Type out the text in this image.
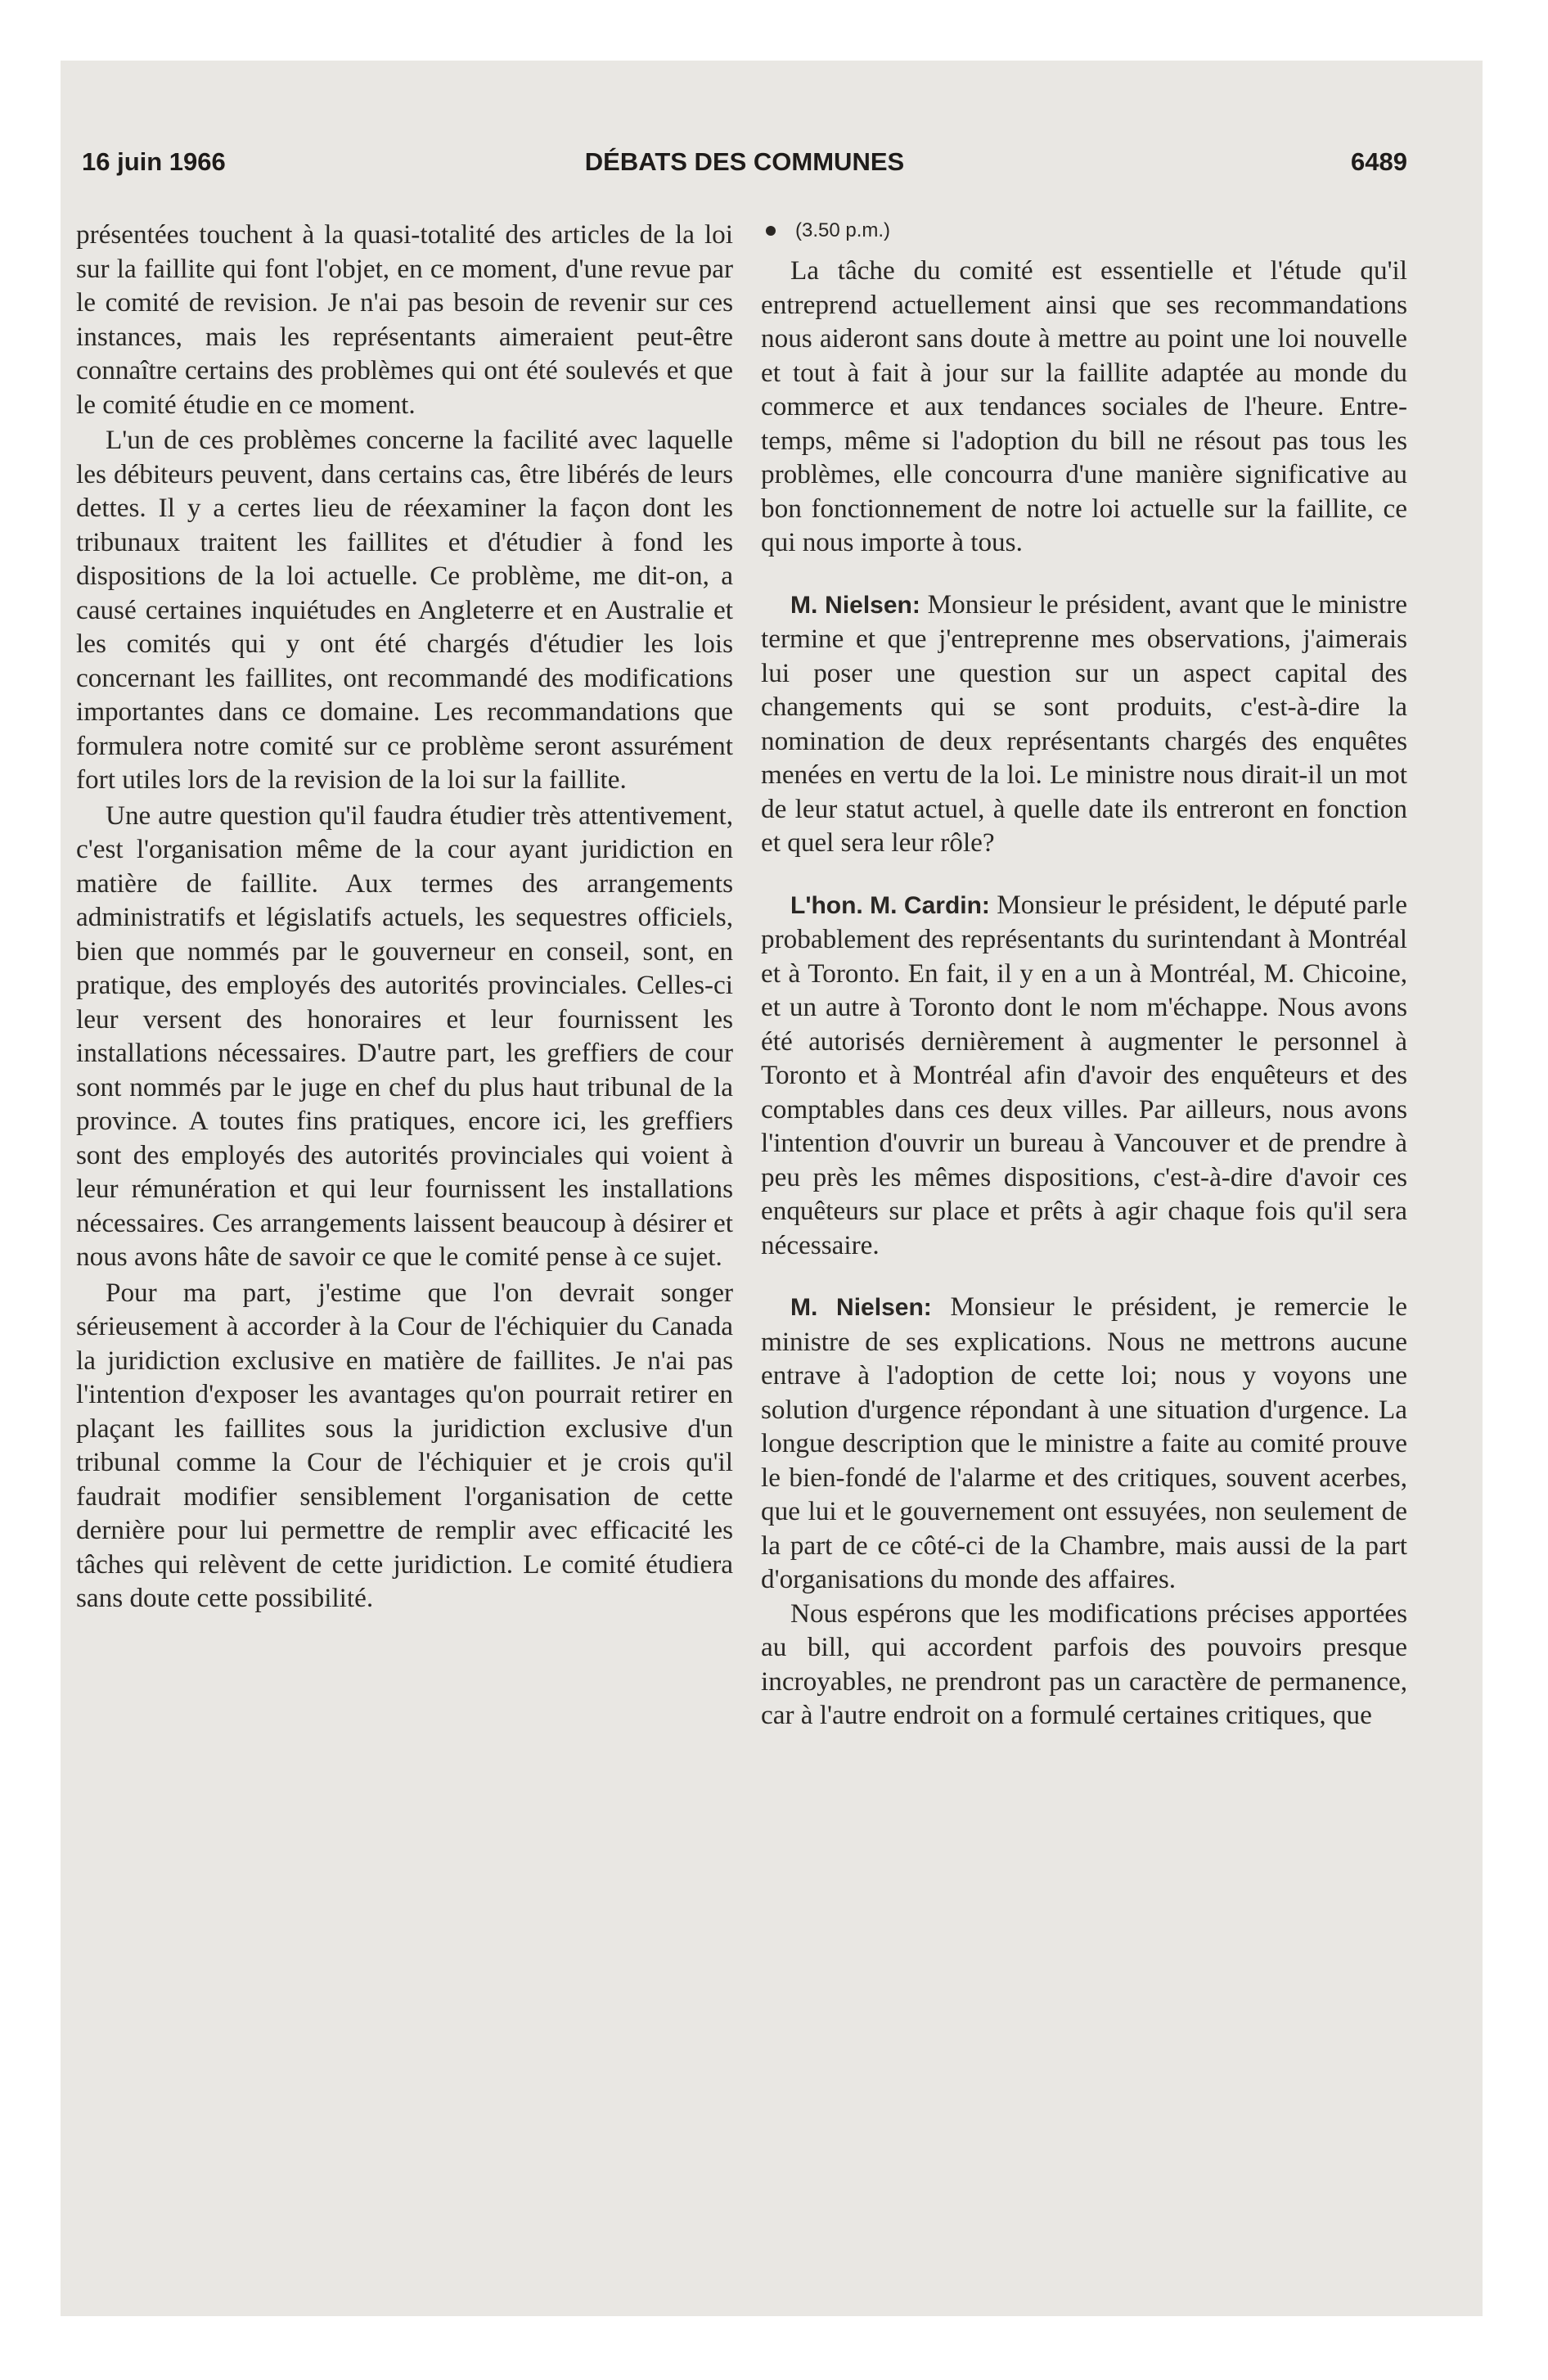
16 juin 1966	DÉBATS DES COMMUNES	6489

présentées touchent à la quasi-totalité des articles de la loi sur la faillite qui font l'objet, en ce moment, d'une revue par le comité de revision. Je n'ai pas besoin de revenir sur ces instances, mais les représentants aimeraient peut-être connaître certains des problèmes qui ont été soulevés et que le comité étudie en ce moment.

L'un de ces problèmes concerne la facilité avec laquelle les débiteurs peuvent, dans certains cas, être libérés de leurs dettes. Il y a certes lieu de réexaminer la façon dont les tribunaux traitent les faillites et d'étudier à fond les dispositions de la loi actuelle. Ce problème, me dit-on, a causé certaines inquiétudes en Angleterre et en Australie et les comités qui y ont été chargés d'étudier les lois concernant les faillites, ont recommandé des modifications importantes dans ce domaine. Les recommandations que formulera notre comité sur ce problème seront assurément fort utiles lors de la revision de la loi sur la faillite.

Une autre question qu'il faudra étudier très attentivement, c'est l'organisation même de la cour ayant juridiction en matière de faillite. Aux termes des arrangements administratifs et législatifs actuels, les sequestres officiels, bien que nommés par le gouverneur en conseil, sont, en pratique, des employés des autorités provinciales. Celles-ci leur versent des honoraires et leur fournissent les installations nécessaires. D'autre part, les greffiers de cour sont nommés par le juge en chef du plus haut tribunal de la province. A toutes fins pratiques, encore ici, les greffiers sont des employés des autorités provinciales qui voient à leur rémunération et qui leur fournissent les installations nécessaires. Ces arrangements laissent beaucoup à désirer et nous avons hâte de savoir ce que le comité pense à ce sujet.

Pour ma part, j'estime que l'on devrait songer sérieusement à accorder à la Cour de l'échiquier du Canada la juridiction exclusive en matière de faillites. Je n'ai pas l'intention d'exposer les avantages qu'on pourrait retirer en plaçant les faillites sous la juridiction exclusive d'un tribunal comme la Cour de l'échiquier et je crois qu'il faudrait modifier sensiblement l'organisation de cette dernière pour lui permettre de remplir avec efficacité les tâches qui relèvent de cette juridiction. Le comité étudiera sans doute cette possibilité.

(3.50 p.m.)

La tâche du comité est essentielle et l'étude qu'il entreprend actuellement ainsi que ses recommandations nous aideront sans doute à mettre au point une loi nouvelle et tout à fait à jour sur la faillite adaptée au monde du commerce et aux tendances sociales de l'heure. Entre-temps, même si l'adoption du bill ne résout pas tous les problèmes, elle concourra d'une manière significative au bon fonctionnement de notre loi actuelle sur la faillite, ce qui nous importe à tous.

M. Nielsen: Monsieur le président, avant que le ministre termine et que j'entreprenne mes observations, j'aimerais lui poser une question sur un aspect capital des changements qui se sont produits, c'est-à-dire la nomination de deux représentants chargés des enquêtes menées en vertu de la loi. Le ministre nous dirait-il un mot de leur statut actuel, à quelle date ils entreront en fonction et quel sera leur rôle?

L'hon. M. Cardin: Monsieur le président, le député parle probablement des représentants du surintendant à Montréal et à Toronto. En fait, il y en a un à Montréal, M. Chicoine, et un autre à Toronto dont le nom m'échappe. Nous avons été autorisés dernièrement à augmenter le personnel à Toronto et à Montréal afin d'avoir des enquêteurs et des comptables dans ces deux villes. Par ailleurs, nous avons l'intention d'ouvrir un bureau à Vancouver et de prendre à peu près les mêmes dispositions, c'est-à-dire d'avoir ces enquêteurs sur place et prêts à agir chaque fois qu'il sera nécessaire.

M. Nielsen: Monsieur le président, je remercie le ministre de ses explications. Nous ne mettrons aucune entrave à l'adoption de cette loi; nous y voyons une solution d'urgence répondant à une situation d'urgence. La longue description que le ministre a faite au comité prouve le bien-fondé de l'alarme et des critiques, souvent acerbes, que lui et le gouvernement ont essuyées, non seulement de la part de ce côté-ci de la Chambre, mais aussi de la part d'organisations du monde des affaires.

Nous espérons que les modifications précises apportées au bill, qui accordent parfois des pouvoirs presque incroyables, ne prendront pas un caractère de permanence, car à l'autre endroit on a formulé certaines critiques, que
